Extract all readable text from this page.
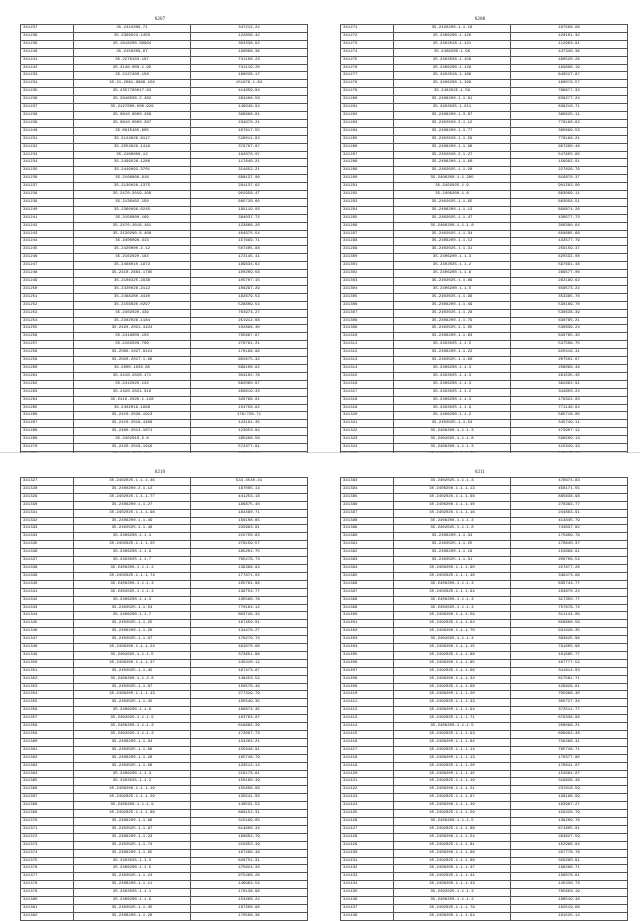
6207
341237	35.2424309.71	347212.22
341238	35.2399023.1450	122838.42
341239	35.1818200.09964	304338.62
341240	35.2156209.97	190098.36
341241	35.2270103.197	741106.23
341242	35.2140.000.1.95	741119.20
341233	35.2127400.158	186036.17
341234	35.21.2081.8888.158	151079.1.64
341235	35.2357760017.63	414859.84
341236	35.2846030.2.482	263406.58
341237	35.2127600.000.929	149948.94
341238	35.0610.6000.268	398868.81
341239	35.0610.0000.267	234978.21
341240	35.0615405.605	107617.55
341231	35.2124026.8117	528011.82
341232	35.2052826.1419	379767.87
341233	35.2108000.12	162670.07
341234	35.2499526.1286	117640.21
341235	35.2446093.3701	314652.21
341236	35.2106609.918	698137.09
341237	35.2130026.1375	281137.62
341238	35.2470.2019.109	902958.47
341239	35.2130402.150	685720.60
341240	35.2360096.0245	195119.03
341241	35.2150600.169	384037.72
341242	35.2470.2018.161	123808.20
341243	35.2130260.6.408	404975.54
341244	35.2400096.313	157699.71
341245	35.2420000.2.12	507405.88
341246	35.2102020.163	172145.41
341247	35.2468010.1972	189634.62
341248	35.2410.2684.1785	100209.56
341249	35.2108325.2938	105707.15
341250	35.2420026.2112	108297.29
341251	35.2468280.4440	182679.53
341252	35.2156020.0297	528809.54
341253	35.2402020.439	764974.27
341254	35.2302026.1184	251912.68
341255	35.2420.2021.4424	102896.40
341256	35.2416000.103	795687.67
341257	35.2102026.709	276791.21
341258	35.2060.1027.8121	176188.98
341259	35.2020.2017.1.96	902675.32
341260	35.2000.1026.85	696108.62
341261	35.2410.2026.171	304102.76
341262	35.2412020.134	682060.97
341263	35.2420.2021.319	460619.33
341264	35.2410.2026.1.128	326768.01
341265	35.2402019.1996	154758.62
341266	35.2410.2026.1913	178/726.71
341267	35.2410.2019.4408	123191.45
341268	35.2460.2012.1671	123053.84
341269	35.2402019.5.8	295488.56
341270	35.2420.2019.1916	574377.91

6208
341271	35.2420200.1.1.18	167588.68
341272	35.2406200.1.120	420101.32
341273	35.2402018.1.121	112963.91
341274	35.2406200.1.96	447340.36
341275	35.2402026.1.158	460520.28
341276	35.2406200.1.128	163896.19
341277	35.2402018.1.186	649527.87
341278	35.2406200.1.199	180079.57
341279	35.2402025.1.59	786677.32
341280	35.2406200.1.1.61	630277.24
341281	35.2402025.1.211	836210.71
341282	35.2406200.1.3.97	366625.11
341283	35.2402020.2.1.12	779168.62
341284	35.2406200.1.1.77	360689.53
341285	35.2402026.1.1.59	779168.21
341286	35.2406200.1.1.98	967990.48
341287	35.2402026.2.1.27	547655.60
341288	35.2406200.1.1.60	156992.91
341289	35.2402025.1.1.28	227826.79
341290	35.2406200.1.1.285	819870.37
341291	35.2402025.1.9	901203.09
341292	35.2406200.1.8	863099.11
341293	35.2402025.1.1.95	863058.51
341294	35.2406200.1.1.13	890874.26
341295	35.2402025.1.1.47	430577.73
341296	35.2406200.1.1.1.8	300380.64
341297	35.2402025.1.1.34	658685.68
341298	35.2406200.1.1.12	433577.79
341299	35.2402025.1.1.31	259159.37
341300	35.2406200.1.1.3	625532.08
341301	35.2402025.1.1.2	597691.48
341302	35.2406200.1.1.8	289577.06
341303	35.2402025.1.1.89	282189.62
341304	35.2406200.1.1.5	656573.22
341305	35.2402025.1.1.96	353385.76
341306	35.2406200.1.1.49	530189.70
341307	35.2402025.1.1.28	530638.39
341308	35.2406200.1.1.79	630765.21
341309	35.2402025.1.1.65	530639.24
341310	35.2406200.1.1.63	630765.40
341311	35.2402025.1.1.5	537508.75
341312	35.2406200.1.1.22	920416.31
341313	35.2402025.1.1.90	207502.67
341314	35.2406200.1.1.3	208089.49
341315	35.2402025.1.1.3	491535.45
341316	35.2406200.1.1.3	362862.91
341317	35.2402025.1.1.2	344650.24
341318	35.2406200.1.1.3	176322.03
341319	35.2402025.1.1.9	771146.64
341320	35.2406200.1.1.2	565716.80
341321	35.2402025.1.1.54	345749.11
341322	35.2406200.1.1.1.3	473907.12
341323	35.2402025.1.1.1.8	599509.13
341324	35.2406200.1.1.1.3	415349.43

6210
341327	35.2402025.1.1.1.46	534.4540.41
341328	35.2400200.2.1.12	167065.13
341329	35.2402025.1.1.1.77	441253.18
341330	35.2406200.1.1.27	186875.40
341331	35.2402025.1.1.1.98	164480.71
341332	35.2406200.1.1.49	156108.65
341333	35.2402025.1.1.46	232963.81
341334	35.2406200.1.1.4	215750.63
341335	35.2402025.1.1.1.25	276159.57
341336	35.2406200.1.1.9	485201.75
341337	35.2402025.1.1.7	765278.73
341338	35.2406200.1.1.1.2	139398.93
341339	35.2402025.1.1.1.74	177871.02
341340	35.2406200.1.1.1.3	105761.96
341341	35.2402025.1.1.1.4	136754.77
341342	35.2406200.1.1.3	135598.76
341343	35.2402025.1.1.54	770164.12
341344	35.2406200.1.1.7	603726.32
341345	35.2402025.1.1.25	167459.01
341346	35.2406200.1.1.20	134478.27
341347	35.2402025.1.1.97	176279.74
341348	35.2406200.1.1.1.24	461070.68
341349	35.2402025.1.1.1.5	373651.88
341350	35.2406200.1.1.1.37	245410.12
341351	35.2402025.1.1.45	197473.67
341352	35.2406200.1.1.2.6	148453.52
341353	35.2402025.1.1.87	150576.49
341354	35.2406200.1.1.1.43	277329.79
341355	35.2402025.1.1.45	105549.35
341356	35.2406200.1.1.8	166874.45
341357	35.2402025.1.1.1.9	163763.07
341358	35.2406200.1.1.1.3	616683.39
341359	35.2402025.1.1.1.3	172097.73
341360	35.2406200.1.1.34	134203.21
341361	35.2402025.1.1.89	155948.91
341362	35.2406200.1.1.28	165748.79
341363	35.2402025.1.1.96	133512.14
341364	35.2406200.1.1.3	216178.61
341365	35.2402025.1.1.2	150160.49
341366	35.2406200.1.1.1.19	155808.68
341367	35.2402025.1.1.1.29	135541.03
341368	35.2406200.1.1.1.9	148531.52
341369	35.2402025.1.1.1.88	868152.31
341370	35.2406200.1.1.96	315199.65
341371	35.2402025.1.1.87	614606.34
341372	35.2406200.1.1.23	169602.79
341373	35.2402025.1.1.74	215853.49
341374	35.2406200.1.1.95	167488.48
341375	35.2402025.1.1.3	628751.31
341376	35.2406200.1.1.5	475824.33
341377	35.2402025.1.1.24	975466.29
341378	35.2406200.1.1.11	146963.52
341379	35.2402025.1.1.1	176138.98
341380	35.2406200.1.1.9	153466.22
341381	35.2402025.1.1.45	167306.96
341382	35.2406200.1.1.28	170598.36
6211
341383	35.2402025.1.1.1.3	478674.83
341384	35.2406200.1.1.1.13	458171.55
341385	35.2402025.1.1.1.66	885838.98
341386	35.2406200.1.1.1.40	278383.77
341387	35.2402025.1.1.1.16	244863.91
341388	35.2406200.1.1.1.3	414845.79
341389	35.2402025.1.1.1.8	743837.82
341390	35.2406200.1.1.34	175809.79
341391	35.2402025.1.1.25	170840.37
341392	35.2406200.1.1.19	153888.61
341393	35.2402025.1.1.31	206708.52
341394	35.2406200.1.1.1.90	227877.26
341395	35.2402025.1.1.1.46	346473.68
341396	35.2406200.1.1.1.3	635743.77
341397	35.2402025.1.1.1.94	103670.24
341398	35.2406200.1.1.1.3	317350.77
341399	35.2402025.1.1.1.4	757678.72
341400	35.2406200.1.1.1.59	311144.09
341401	35.2402025.1.1.1.62	659686.59
341402	35.2406200.1.1.1.70	931828.35
341403	35.2402025.1.1.1.4	383625.96
341404	35.2406200.1.1.1.15	781605.98
341405	35.2402025.1.1.1.88	101685.77
341406	35.2406200.1.1.1.85	467777.52
341407	35.2402025.1.1.1.96	341814.03
341408	35.2406200.1.1.1.32	617581.71
341409	35.2402025.1.1.1.98	429829.61
341410	35.2406200.1.1.1.20	705968.40
341411	35.2402025.1.1.1.33	305727.34
341412	35.2406200.1.1.1.94	372511.77
341413	35.2402025.1.1.1.71	879336.98
341414	35.2406200.1.1.1.5	208098.21
341415	35.2402025.1.1.1.93	698992.48
341416	35.2406200.1.1.1.84	756268.41
341417	35.2402025.1.1.1.14	765748.71
341418	35.2406200.1.1.1.13	176377.80
341419	35.2402025.1.1.1.26	178641.07
341420	35.2406200.1.1.1.45	153684.07
341421	35.2402025.1.1.1.19	318836.46
341422	35.2406200.1.1.1.21	237816.59
341423	35.2402025.1.1.1.97	168186.99
341424	35.2406200.1.1.1.49	103987.27
341425	35.2402025.1.1.1.59	159428.79
341426	35.2406200.1.1.1.5	138209.76
341427	35.2402025.1.1.1.88	671805.01
341428	35.2406200.1.1.1.54	294627.59
341429	35.2402025.1.1.1.81	152986.84
341430	35.2406200.1.1.1.96	297778.76
341431	35.2402025.1.1.1.88	359280.91
341432	35.2406200.1.1.1.37	168266.71
341433	35.2402025.1.1.1.41	156076.61
341434	35.2406200.1.1.1.33	145430.73
341435	35.2402025.1.1.1.3	765603.19
341436	35.2406200.1.1.1.2	188549.48
341437	35.2402025.1.1.1.79	162519.68
341438	35.2406200.1.1.1.94	161525.14
